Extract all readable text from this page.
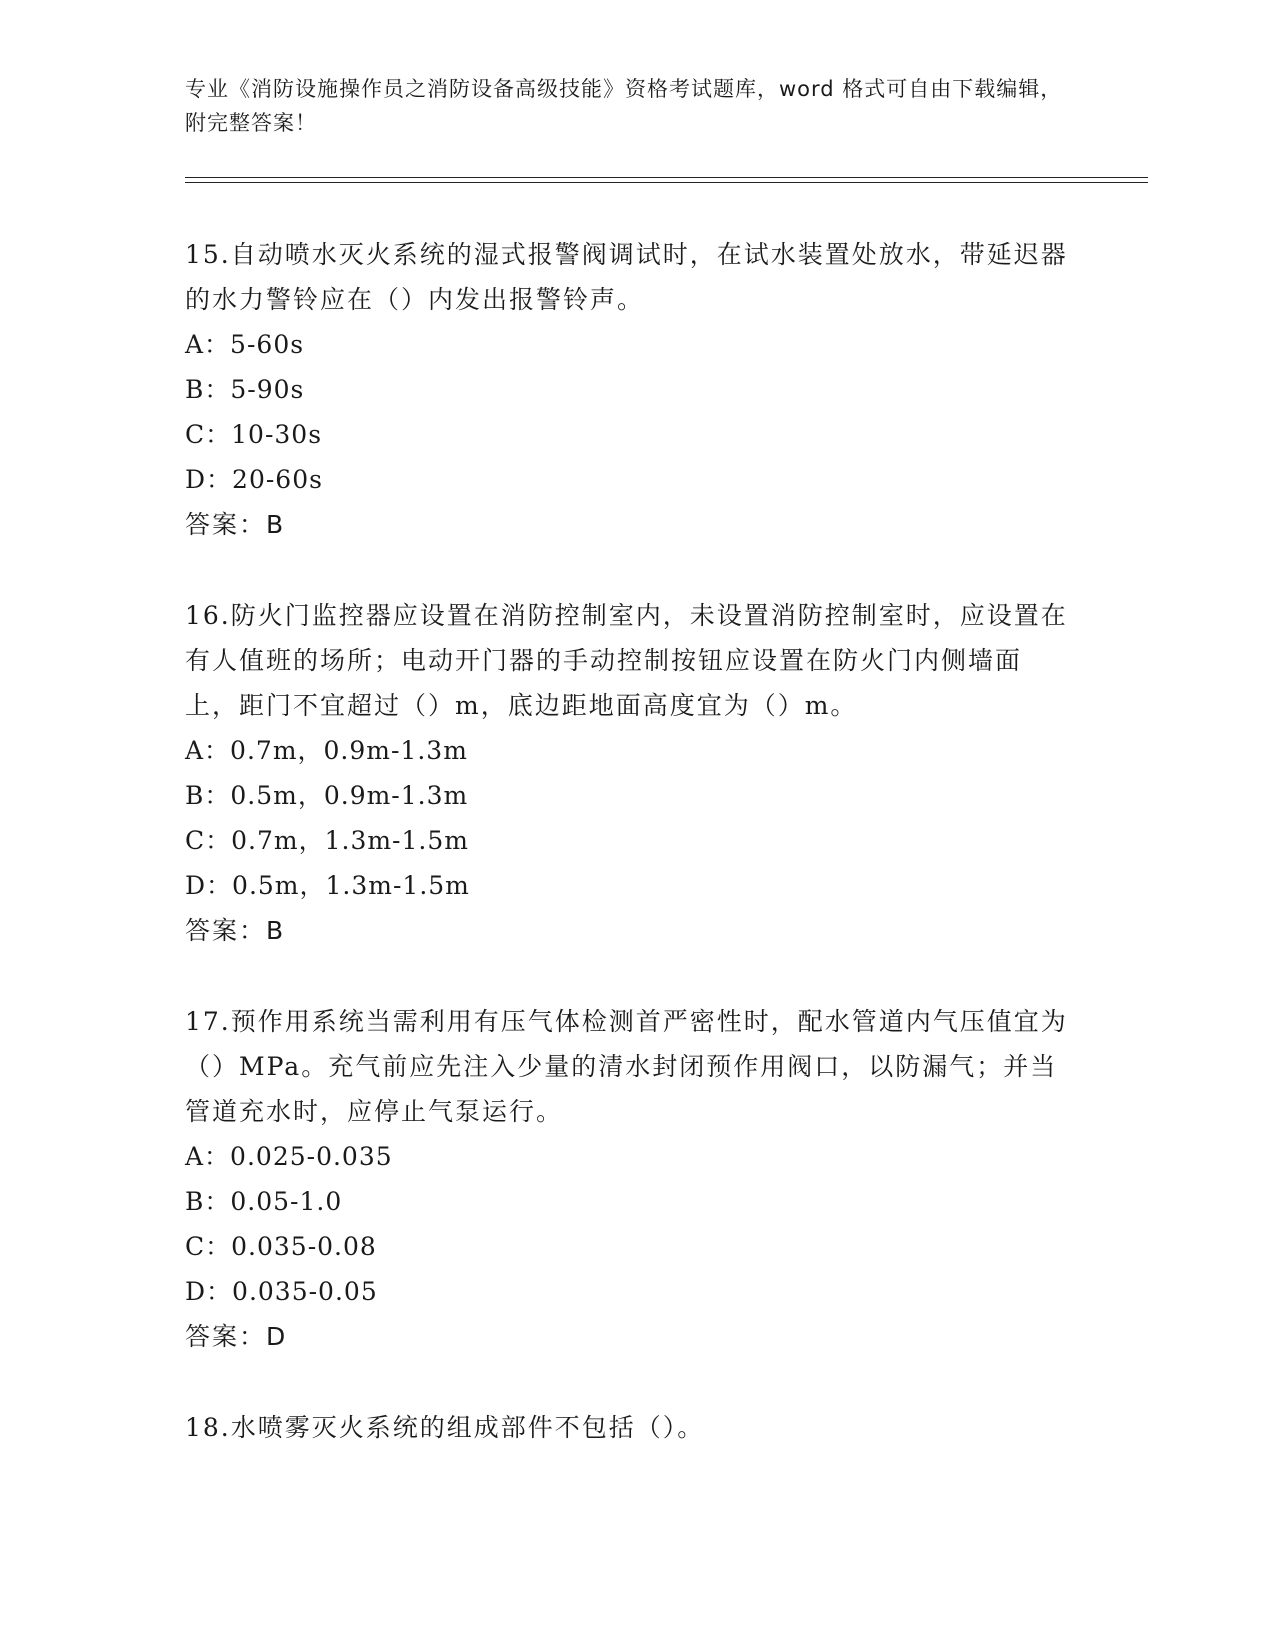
专业《消防设施操作员之消防设备高级技能》资格考试题库，word 格式可自由下载编辑，附完整答案！

15.自动喷水灭火系统的湿式报警阀调试时，在试水装置处放水，带延迟器的水力警铃应在（）内发出报警铃声。

A：5-60s

B：5-90s

C：10-30s

D：20-60s

答案：B

16.防火门监控器应设置在消防控制室内，未设置消防控制室时，应设置在有人值班的场所；电动开门器的手动控制按钮应设置在防火门内侧墙面上，距门不宜超过（）m，底边距地面高度宜为（）m。

A：0.7m，0.9m-1.3m

B：0.5m，0.9m-1.3m

C：0.7m，1.3m-1.5m

D：0.5m，1.3m-1.5m

答案：B

17.预作用系统当需利用有压气体检测首严密性时，配水管道内气压值宜为（）MPa。充气前应先注入少量的清水封闭预作用阀口，以防漏气；并当管道充水时，应停止气泵运行。

A：0.025-0.035

B：0.05-1.0

C：0.035-0.08

D：0.035-0.05

答案：D

18.水喷雾灭火系统的组成部件不包括（）。
